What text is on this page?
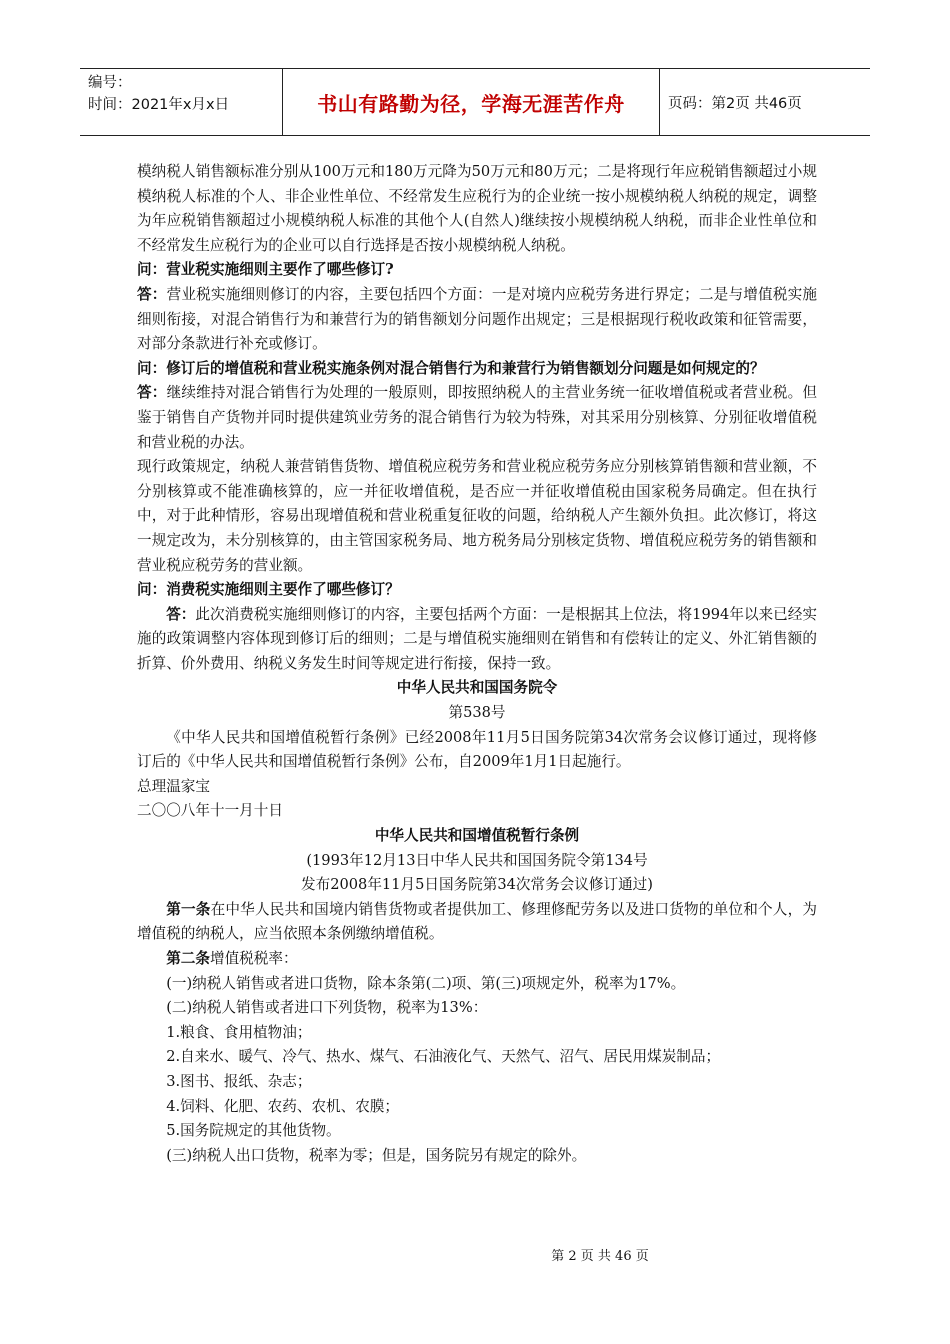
编号：
时间：2021年x月x日	书山有路勤为径，学海无涯苦作舟	页码：第2页 共46页

模纳税人销售额标准分别从100万元和180万元降为50万元和80万元；二是将现行年应税销售额超过小规模纳税人标准的个人、非企业性单位、不经常发生应税行为的企业统一按小规模纳税人纳税的规定，调整为年应税销售额超过小规模纳税人标准的其他个人(自然人)继续按小规模纳税人纳税，而非企业性单位和不经常发生应税行为的企业可以自行选择是否按小规模纳税人纳税。

问：营业税实施细则主要作了哪些修订?

答：营业税实施细则修订的内容，主要包括四个方面：一是对境内应税劳务进行界定；二是与增值税实施细则衔接，对混合销售行为和兼营行为的销售额划分问题作出规定；三是根据现行税收政策和征管需要，对部分条款进行补充或修订。

问：修订后的增值税和营业税实施条例对混合销售行为和兼营行为销售额划分问题是如何规定的？

答：继续维持对混合销售行为处理的一般原则，即按照纳税人的主营业务统一征收增值税或者营业税。但鉴于销售自产货物并同时提供建筑业劳务的混合销售行为较为特殊，对其采用分别核算、分别征收增值税和营业税的办法。

现行政策规定，纳税人兼营销售货物、增值税应税劳务和营业税应税劳务应分别核算销售额和营业额，不分别核算或不能准确核算的，应一并征收增值税，是否应一并征收增值税由国家税务局确定。但在执行中，对于此种情形，容易出现增值税和营业税重复征收的问题，给纳税人产生额外负担。此次修订，将这一规定改为，未分别核算的，由主管国家税务局、地方税务局分别核定货物、增值税应税劳务的销售额和营业税应税劳务的营业额。

问：消费税实施细则主要作了哪些修订？

答：此次消费税实施细则修订的内容，主要包括两个方面：一是根据其上位法，将1994年以来已经实施的政策调整内容体现到修订后的细则；二是与增值税实施细则在销售和有偿转让的定义、外汇销售额的折算、价外费用、纳税义务发生时间等规定进行衔接，保持一致。

中华人民共和国国务院令

第538号

《中华人民共和国增值税暂行条例》已经2008年11月5日国务院第34次常务会议修订通过，现将修订后的《中华人民共和国增值税暂行条例》公布，自2009年1月1日起施行。

总理温家宝

二〇〇八年十一月十日

中华人民共和国增值税暂行条例

(1993年12月13日中华人民共和国国务院令第134号

发布2008年11月5日国务院第34次常务会议修订通过)

第一条在中华人民共和国境内销售货物或者提供加工、修理修配劳务以及进口货物的单位和个人，为增值税的纳税人，应当依照本条例缴纳增值税。

第二条增值税税率：

(一)纳税人销售或者进口货物，除本条第(二)项、第(三)项规定外，税率为17%。

(二)纳税人销售或者进口下列货物，税率为13%：

1.粮食、食用植物油；

2.自来水、暖气、冷气、热水、煤气、石油液化气、天然气、沼气、居民用煤炭制品；

3.图书、报纸、杂志；

4.饲料、化肥、农药、农机、农膜；

5.国务院规定的其他货物。

(三)纳税人出口货物，税率为零；但是，国务院另有规定的除外。

第 2 页 共 46 页
